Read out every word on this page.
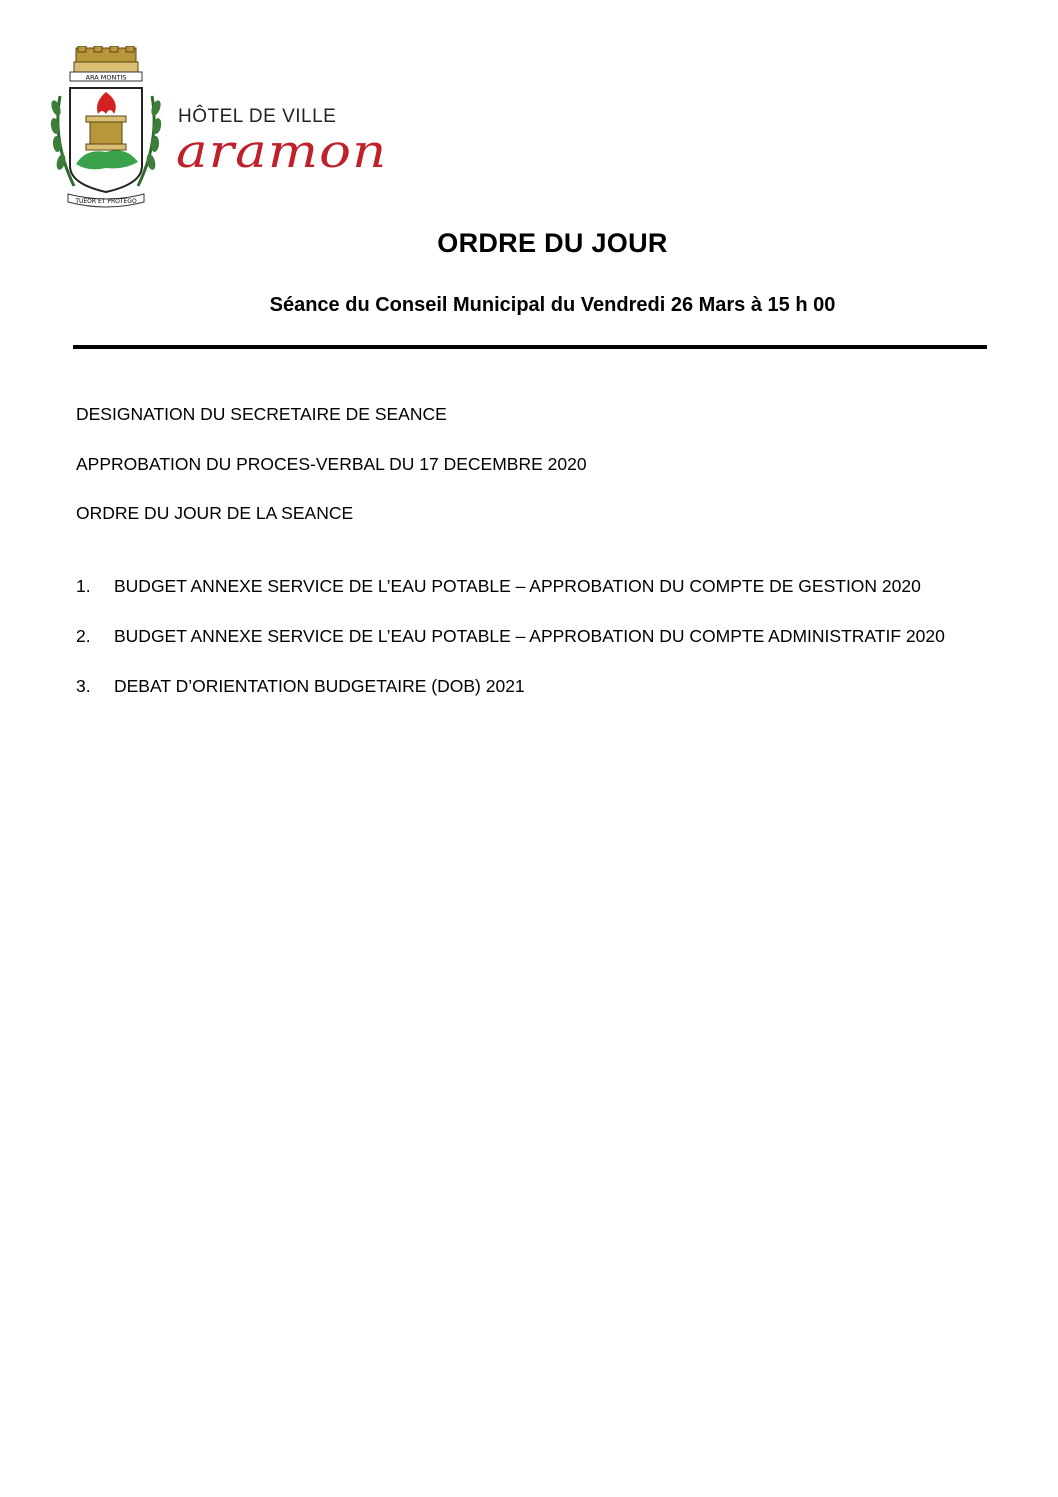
ARA MONTIS
TUEOR ET PROTEGO
HÔTEL DE VILLE
aramon
ORDRE DU JOUR
Séance du Conseil Municipal du Vendredi 26 Mars à 15 h 00
DESIGNATION DU SECRETAIRE DE SEANCE
APPROBATION DU PROCES-VERBAL DU 17 DECEMBRE 2020
ORDRE DU JOUR DE LA SEANCE
1. BUDGET ANNEXE SERVICE DE L’EAU POTABLE – APPROBATION DU COMPTE DE GESTION 2020
2. BUDGET ANNEXE SERVICE DE L’EAU POTABLE – APPROBATION DU COMPTE ADMINISTRATIF 2020
3. DEBAT D’ORIENTATION BUDGETAIRE (DOB) 2021
